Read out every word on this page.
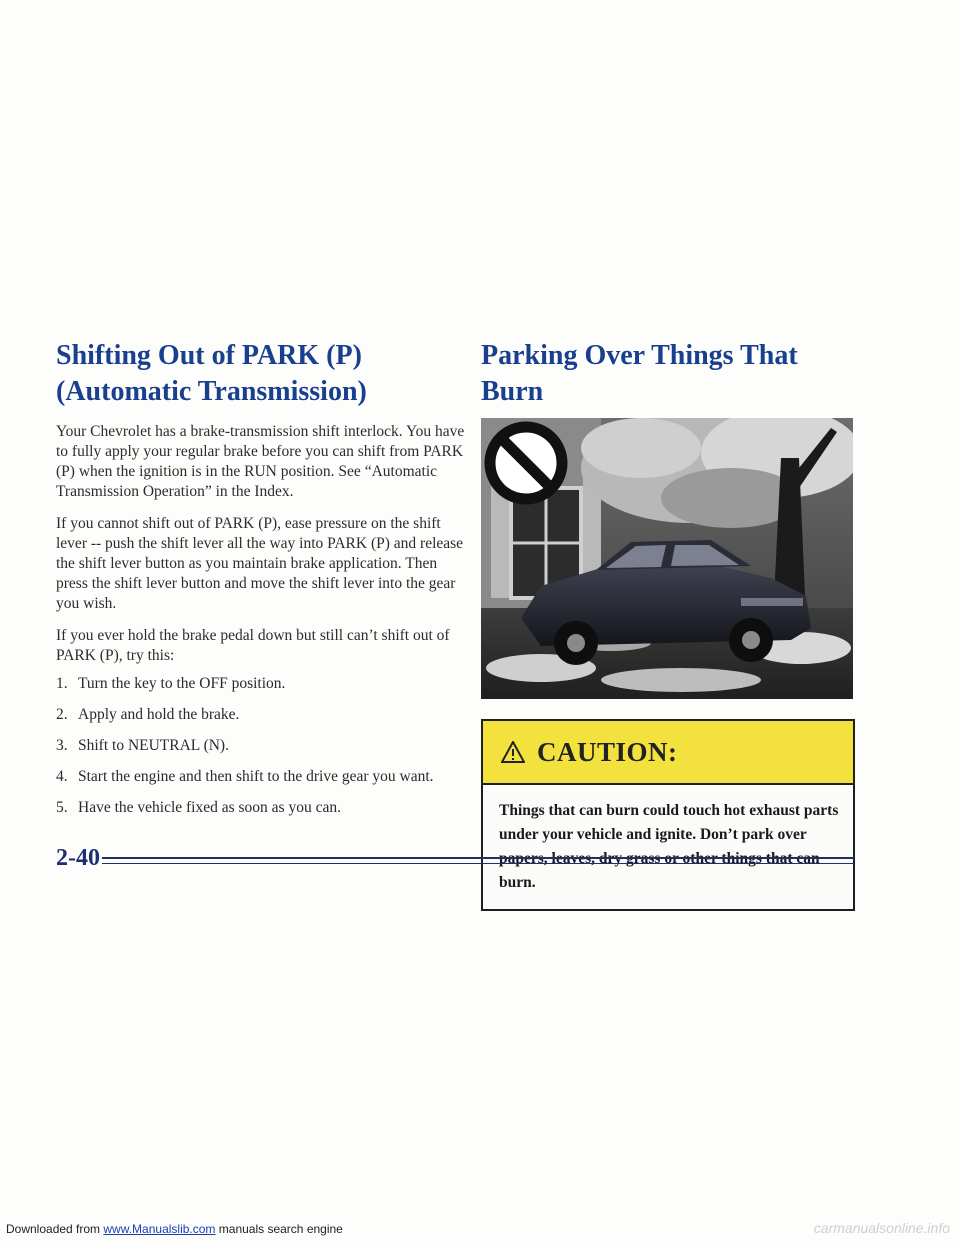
Downloaded from www.Manualslib.com manuals search engine	carmanualsonline.info
Shifting Out of PARK (P)
(Automatic Transmission)

Your Chevrolet has a brake-transmission shift interlock. You have to fully apply your regular brake before you can shift from PARK (P) when the ignition is in the RUN position. See “Automatic Transmission Operation” in the Index.

If you cannot shift out of PARK (P), ease pressure on the shift lever -- push the shift lever all the way into PARK (P) and release the shift lever button as you maintain brake application. Then press the shift lever button and move the shift lever into the gear you wish.

If you ever hold the brake pedal down but still can’t shift out of PARK (P), try this:

1. Turn the key to the OFF position.
2. Apply and hold the brake.
3. Shift to NEUTRAL (N).
4. Start the engine and then shift to the drive gear you want.
5. Have the vehicle fixed as soon as you can.
Parking Over Things That Burn
CAUTION:
Things that can burn could touch hot exhaust parts under your vehicle and ignite. Don’t park over burn.
2-40
